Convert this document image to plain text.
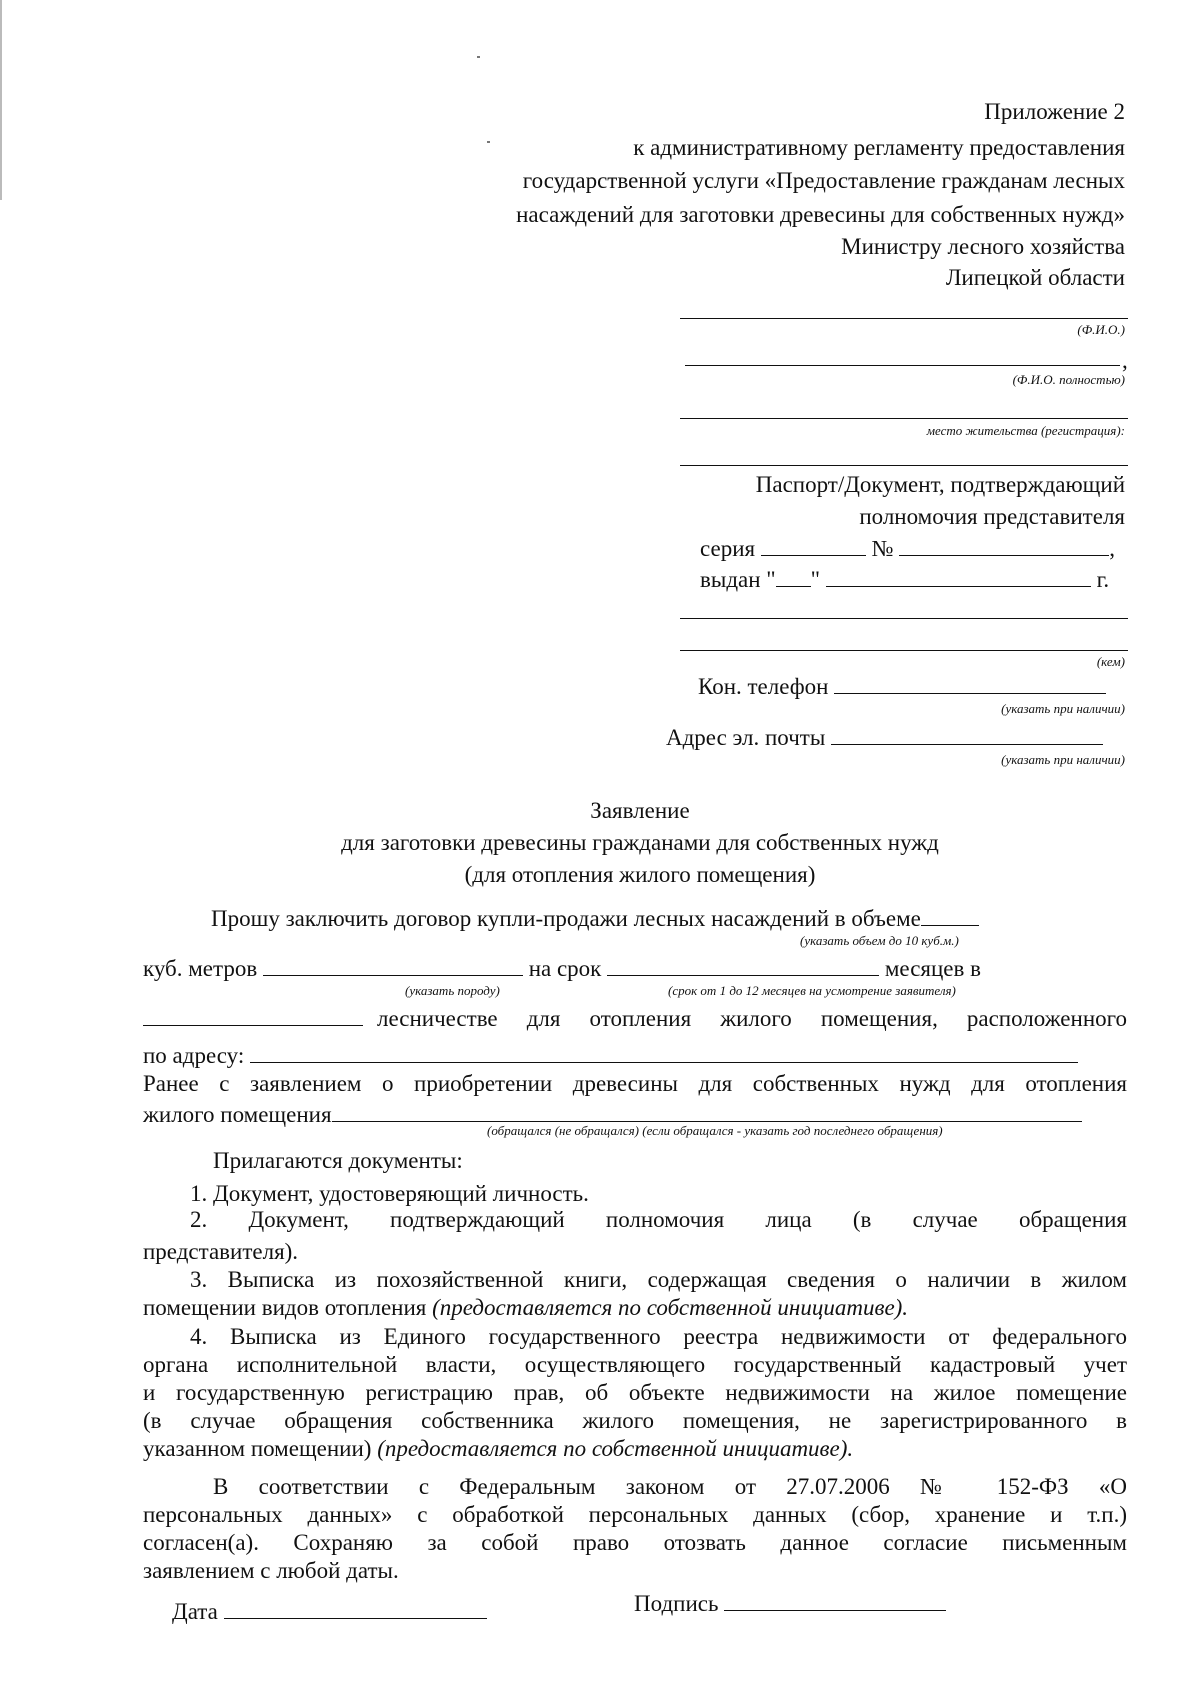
Приложение 2
к административному регламенту предоставления
государственной услуги «Предоставление гражданам лесных
насаждений для заготовки древесины для собственных нужд»
Министру лесного хозяйства
Липецкой области
(Ф.И.О.)
,
(Ф.И.О. полностью)
место жительства (регистрация):
Паспорт/Документ, подтверждающий
полномочия представителя
серия	№	,
выдан " "	г.
(кем)
Кон. телефон
(указать при наличии)
Адрес эл. почты
(указать при наличии)
Заявление
для заготовки древесины гражданами для собственных нужд
(для отопления жилого помещения)
Прошу заключить договор купли-продажи лесных насаждений в объеме
(указать объем до 10 куб.м.)
куб. метров	на срок	месяцев в
(указать породу)	(срок от 1 до 12 месяцев на усмотрение заявителя)
лесничестве для отопления жилого помещения, расположенного
по адресу:
Ранее с заявлением о приобретении древесины для собственных нужд для отопления
жилого помещения
(обращался (не обращался) (если обращался - указать год последнего обращения)
Прилагаются документы:
1. Документ, удостоверяющий личность.
2. Документ, подтверждающий полномочия лица (в случае обращения
представителя).
3. Выписка из похозяйственной книги, содержащая сведения о наличии в жилом
помещении видов отопления (предоставляется по собственной инициативе).
4. Выписка из Единого государственного реестра недвижимости от федерального
органа исполнительной власти, осуществляющего государственный кадастровый учет
и государственную регистрацию прав, об объекте недвижимости на жилое помещение
(в случае обращения собственника жилого помещения, не зарегистрированного в
указанном помещении) (предоставляется по собственной инициативе).
В соответствии с Федеральным законом от 27.07.2006 № 152-ФЗ «О
персональных данных» с обработкой персональных данных (сбор, хранение и т.п.)
согласен(а). Сохраняю за собой право отозвать данное согласие письменным
заявлением с любой даты.
Дата	Подпись
